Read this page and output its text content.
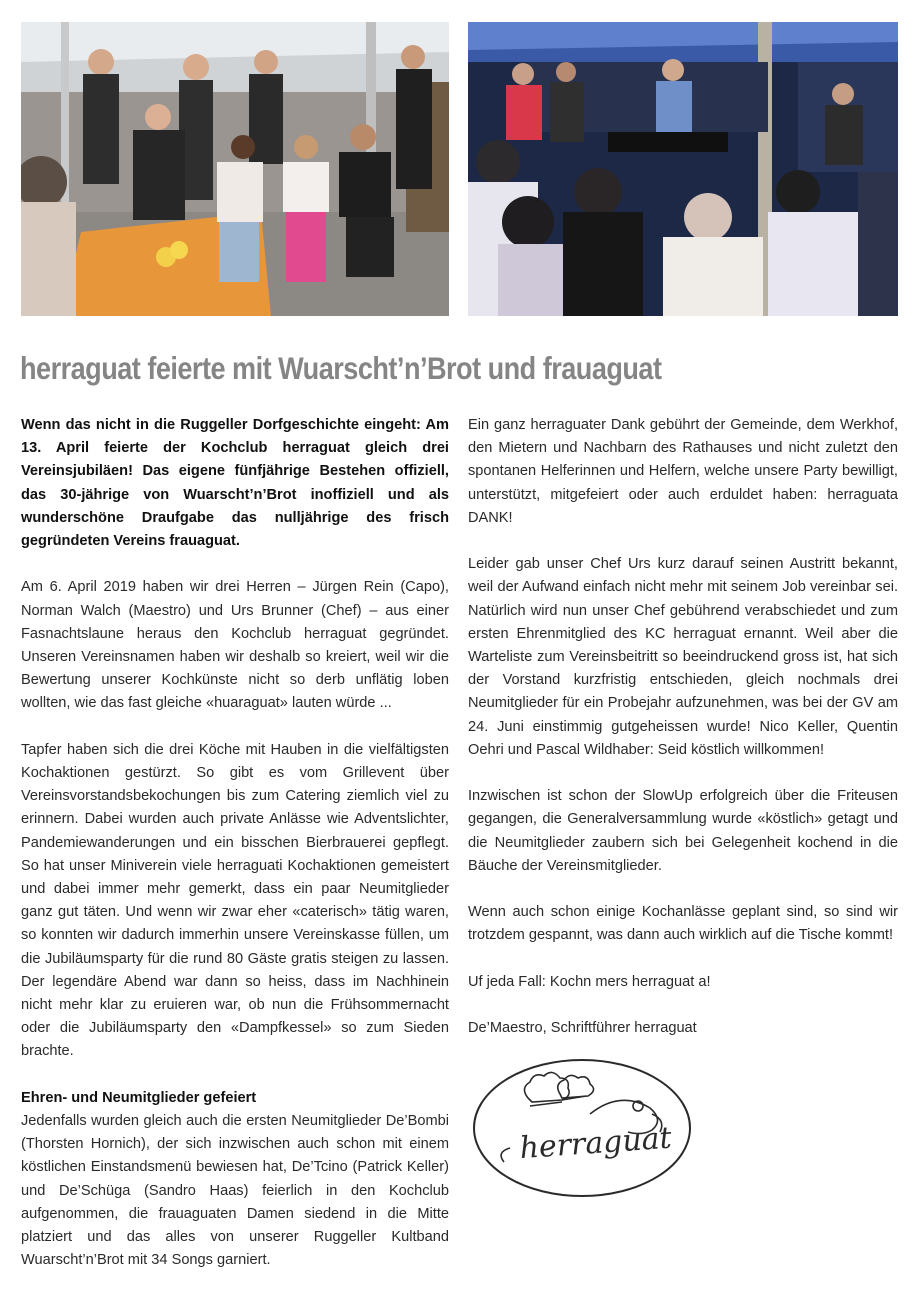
herraguat feierte mit Wuarscht’n’Brot und frauaguat

Wenn das nicht in die Ruggeller Dorfgeschichte eingeht: Am 13. April feierte der Kochclub herraguat gleich drei Vereinsjubiläen! Das eigene fünfjährige Bestehen offiziell, das 30-jährige von Wuarscht’n’Brot inoffiziell und als wunderschöne Draufgabe das nulljährige des frisch gegründeten Vereins frauaguat.

Am 6. April 2019 haben wir drei Herren – Jürgen Rein (Capo), Norman Walch (Maestro) und Urs Brunner (Chef) – aus einer Fasnachtslaune heraus den Kochclub herraguat gegründet. Unseren Vereinsnamen haben wir deshalb so kreiert, weil wir die Bewertung unserer Kochkünste nicht so derb unflätig loben wollten, wie das fast gleiche «huaraguat» lauten würde ...

Tapfer haben sich die drei Köche mit Hauben in die vielfältigsten Kochaktionen gestürzt. So gibt es vom Grillevent über Vereinsvorstandsbekochungen bis zum Catering ziemlich viel zu erinnern. Dabei wurden auch private Anlässe wie Adventslichter, Pandemiewanderungen und ein bisschen Bierbrauerei gepflegt. So hat unser Miniverein viele herraguati Kochaktionen gemeistert und dabei immer mehr gemerkt, dass ein paar Neumitglieder ganz gut täten. Und wenn wir zwar eher «caterisch» tätig waren, so konnten wir dadurch immerhin unsere Vereinskasse füllen, um die Jubiläumsparty für die rund 80 Gäste gratis steigen zu lassen. Der legendäre Abend war dann so heiss, dass im Nachhinein nicht mehr klar zu eruieren war, ob nun die Frühsommernacht oder die Jubiläumsparty den «Dampfkessel» so zum Sieden brachte.

Ehren- und Neumitglieder gefeiert

Jedenfalls wurden gleich auch die ersten Neumitglieder De’Bombi (Thorsten Hornich), der sich inzwischen auch schon mit einem köstlichen Einstandsmenü bewiesen hat, De’Tcino (Patrick Keller) und De’Schüga (Sandro Haas) feierlich in den Kochclub aufgenommen, die frauaguaten Damen siedend in die Mitte platziert und das alles von unserer Ruggeller Kultband Wuarscht’n’Brot mit 34 Songs garniert.

Ein ganz herraguater Dank gebührt der Gemeinde, dem Werkhof, den Mietern und Nachbarn des Rathauses und nicht zuletzt den spontanen Helferinnen und Helfern, welche unsere Party bewilligt, unterstützt, mitgefeiert oder auch erduldet haben: herraguata DANK!

Leider gab unser Chef Urs kurz darauf seinen Austritt bekannt, weil der Aufwand einfach nicht mehr mit seinem Job vereinbar sei. Natürlich wird nun unser Chef gebührend verabschiedet und zum ersten Ehrenmitglied des KC herraguat ernannt. Weil aber die Warteliste zum Vereinsbeitritt so beeindruckend gross ist, hat sich der Vorstand kurzfristig entschieden, gleich nochmals drei Neumitglieder für ein Probejahr aufzunehmen, was bei der GV am 24. Juni einstimmig gutgeheissen wurde! Nico Keller, Quentin Oehri und Pascal Wildhaber: Seid köstlich willkommen!

Inzwischen ist schon der SlowUp erfolgreich über die Friteusen gegangen, die Generalversammlung wurde «köstlich» getagt und die Neumitglieder zaubern sich bei Gelegenheit kochend in die Bäuche der Vereinsmitglieder.

Wenn auch schon einige Kochanlässe geplant sind, so sind wir trotzdem gespannt, was dann auch wirklich auf die Tische kommt!

Uf jeda Fall: Kochn mers herraguat a!

De’Maestro, Schriftführer herraguat

herraguat
